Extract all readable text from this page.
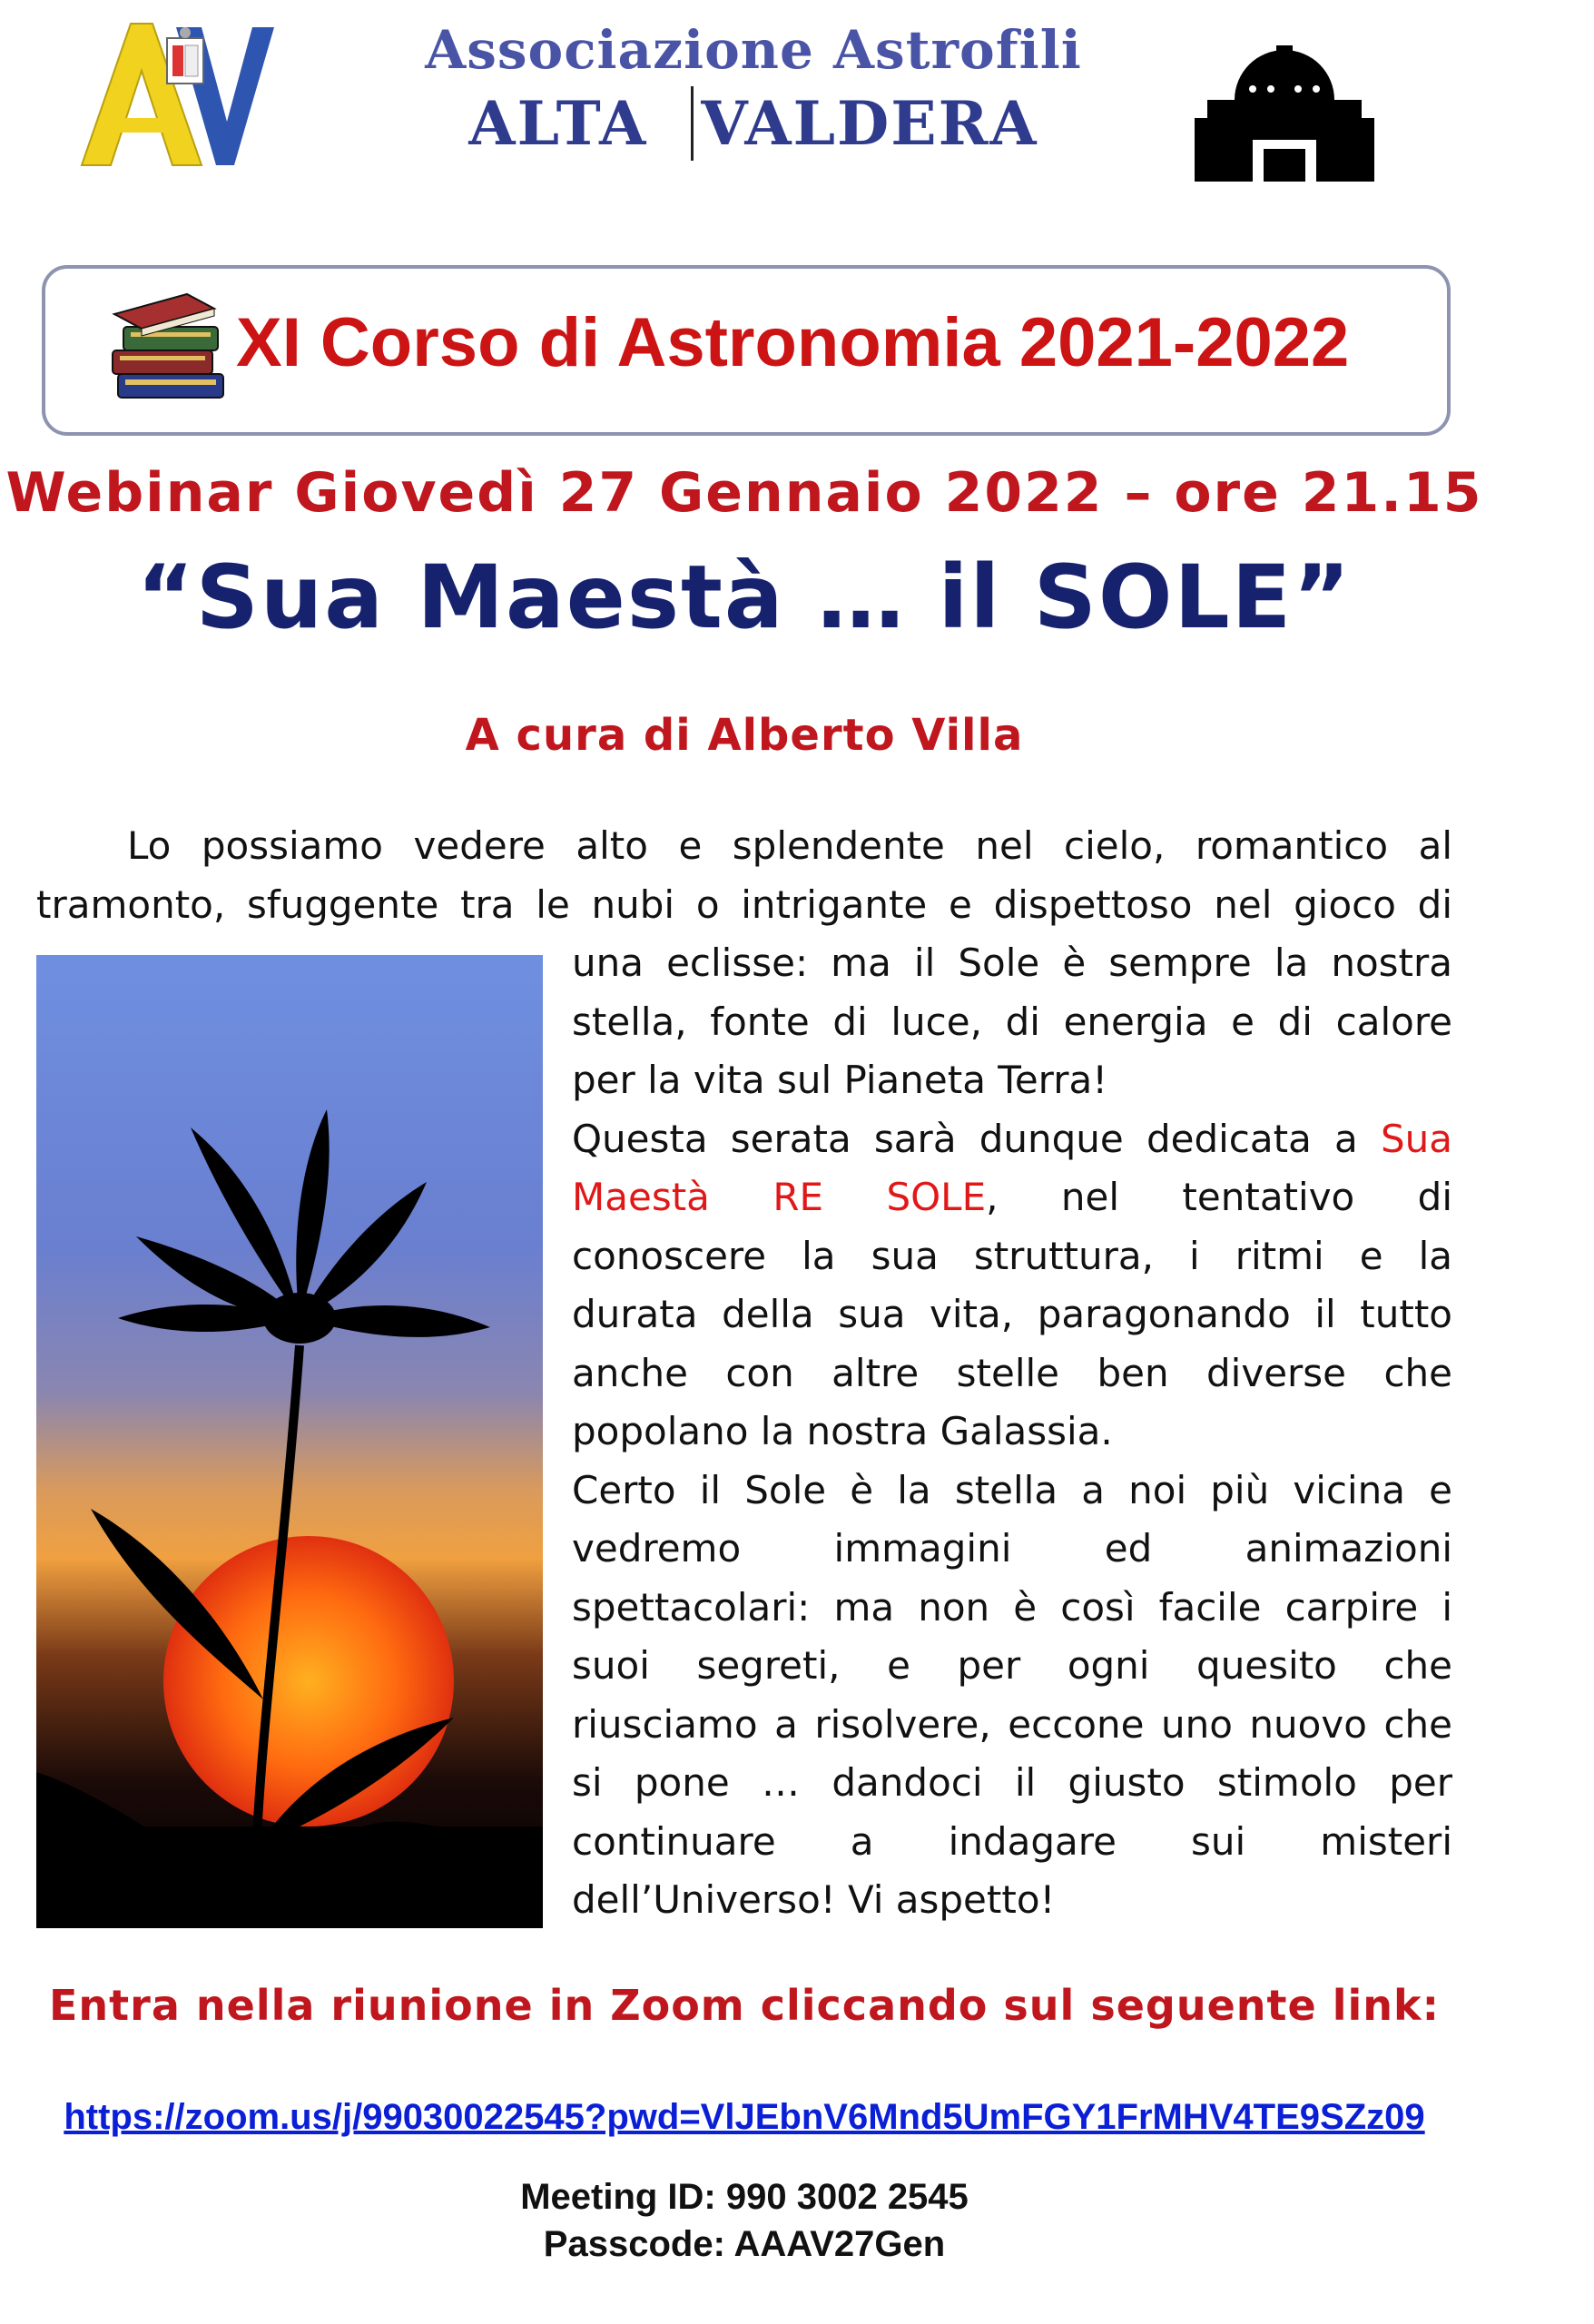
Associazione Astrofili
ALTA VALDERA
XI Corso di Astronomia 2021-2022
Webinar Giovedì 27 Gennaio 2022 – ore 21.15
“Sua Maestà … il SOLE”
A cura di Alberto Villa
Lo possiamo vedere alto e splendente nel cielo, romantico al
tramonto, sfuggente tra le nubi o intrigante e dispettoso nel gioco di
una eclisse: ma il Sole è sempre la nostra
stella, fonte di luce, di energia e di calore
per la vita sul Pianeta Terra!
Questa serata sarà dunque dedicata a Sua
Maestà RE SOLE, nel tentativo di
conoscere la sua struttura, i ritmi e la
durata della sua vita, paragonando il tutto
anche con altre stelle ben diverse che
popolano la nostra Galassia.
Certo il Sole è la stella a noi più vicina e
vedremo immagini ed animazioni
spettacolari: ma non è così facile carpire i
suoi segreti, e per ogni quesito che
riusciamo a risolvere, eccone uno nuovo che
si pone … dandoci il giusto stimolo per
continuare a indagare sui misteri
dell’Universo! Vi aspetto!
Entra nella riunione in Zoom cliccando sul seguente link:
https://zoom.us/j/99030022545?pwd=VlJEbnV6Mnd5UmFGY1FrMHV4TE9SZz09
Meeting ID: 990 3002 2545
Passcode: AAAV27Gen
